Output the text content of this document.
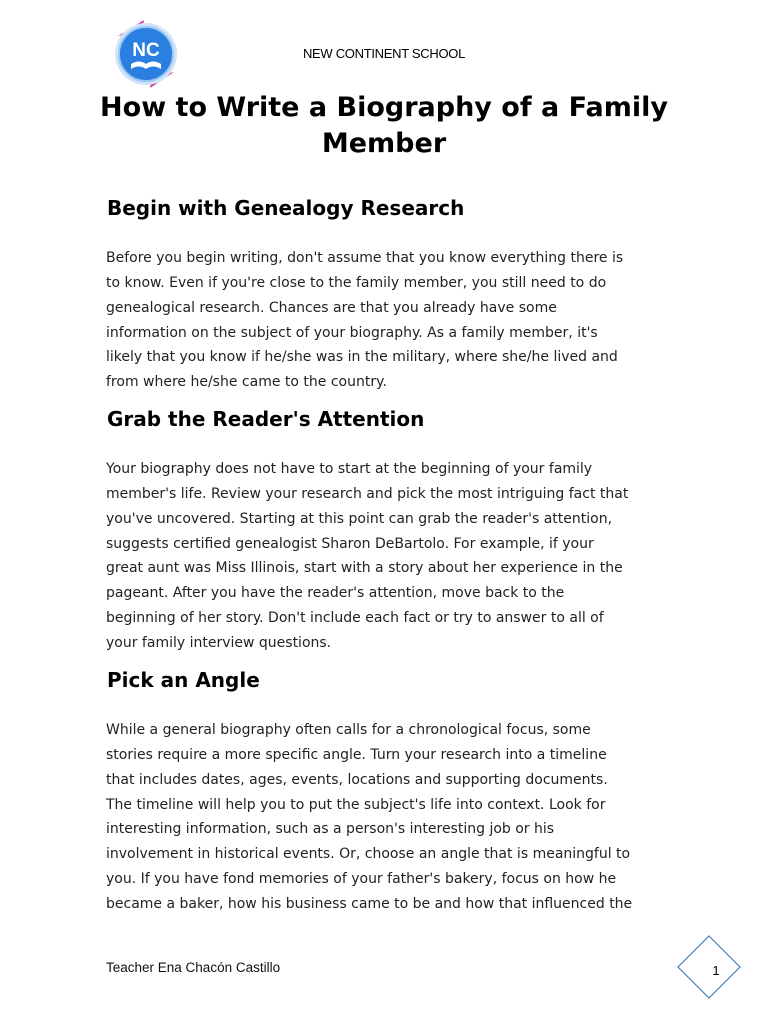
NC	NEW CONTINENT SCHOOL
How to Write a Biography of a Family Member
Begin with Genealogy Research
Before you begin writing, don't assume that you know everything there is
to know. Even if you're close to the family member, you still need to do
genealogical research. Chances are that you already have some
information on the subject of your biography. As a family member, it's
likely that you know if he/she was in the military, where she/he lived and
from where he/she came to the country.
Grab the Reader's Attention
Your biography does not have to start at the beginning of your family
member's life. Review your research and pick the most intriguing fact that
you've uncovered. Starting at this point can grab the reader's attention,
suggests certified genealogist Sharon DeBartolo. For example, if your
great aunt was Miss Illinois, start with a story about her experience in the
pageant. After you have the reader's attention, move back to the
beginning of her story. Don't include each fact or try to answer to all of
your family interview questions.
Pick an Angle
While a general biography often calls for a chronological focus, some
stories require a more specific angle. Turn your research into a timeline
that includes dates, ages, events, locations and supporting documents.
The timeline will help you to put the subject's life into context. Look for
interesting information, such as a person's interesting job or his
involvement in historical events. Or, choose an angle that is meaningful to
you. If you have fond memories of your father's bakery, focus on how he
became a baker, how his business came to be and how that influenced the
Teacher Ena Chacón Castillo	1
